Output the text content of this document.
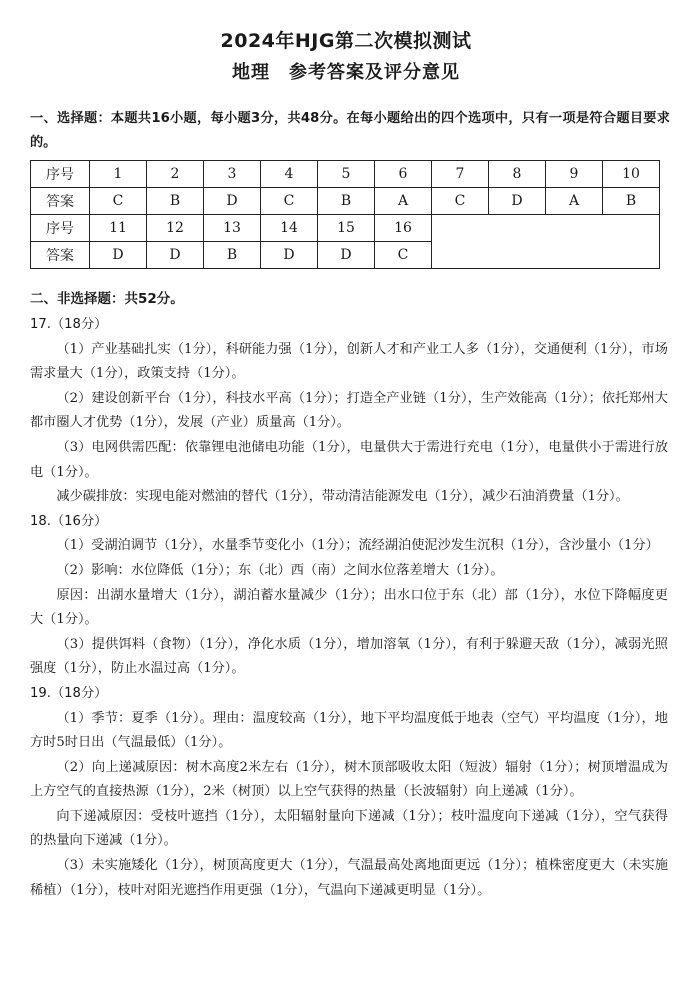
2024年HJG第二次模拟测试
地理　参考答案及评分意见
一、选择题：本题共16小题，每小题3分，共48分。在每小题给出的四个选项中，只有一项是符合题目要求的。
序号	1	2	3	4	5	6	7	8	9	10
答案	C	B	D	C	B	A	C	D	A	B
序号	11	12	13	14	15	16				
答案	D	D	B	D	D	C				
二、非选择题：共52分。

17.（18分）

（1）产业基础扎实（1分），科研能力强（1分），创新人才和产业工人多（1分），交通便利（1分），市场需求量大（1分），政策支持（1分）。

（2）建设创新平台（1分），科技水平高（1分）；打造全产业链（1分），生产效能高（1分）；依托郑州大都市圈人才优势（1分），发展（产业）质量高（1分）。

（3）电网供需匹配：依靠锂电池储电功能（1分），电量供大于需进行充电（1分），电量供小于需进行放电（1分）。

减少碳排放：实现电能对燃油的替代（1分），带动清洁能源发电（1分），减少石油消费量（1分）。

18.（16分）

（1）受湖泊调节（1分），水量季节变化小（1分）；流经湖泊使泥沙发生沉积（1分），含沙量小（1分）

（2）影响：水位降低（1分）；东（北）西（南）之间水位落差增大（1分）。

原因：出湖水量增大（1分），湖泊蓄水量减少（1分）；出水口位于东（北）部（1分），水位下降幅度更大（1分）。

（3）提供饵料（食物）（1分），净化水质（1分），增加溶氧（1分），有利于躲避天敌（1分），减弱光照强度（1分），防止水温过高（1分）。

19.（18分）

（1）季节：夏季（1分）。理由：温度较高（1分），地下平均温度低于地表（空气）平均温度（1分），地方时5时日出（气温最低）（1分）。

（2）向上递减原因：树木高度2米左右（1分），树木顶部吸收太阳（短波）辐射（1分）；树顶增温成为上方空气的直接热源（1分），2米（树顶）以上空气获得的热量（长波辐射）向上递减（1分）。

向下递减原因：受枝叶遮挡（1分），太阳辐射量向下递减（1分）；枝叶温度向下递减（1分），空气获得的热量向下递减（1分）。

（3）未实施矮化（1分），树顶高度更大（1分），气温最高处离地面更远（1分）；植株密度更大（未实施稀植）（1分），枝叶对阳光遮挡作用更强（1分），气温向下递减更明显（1分）。
